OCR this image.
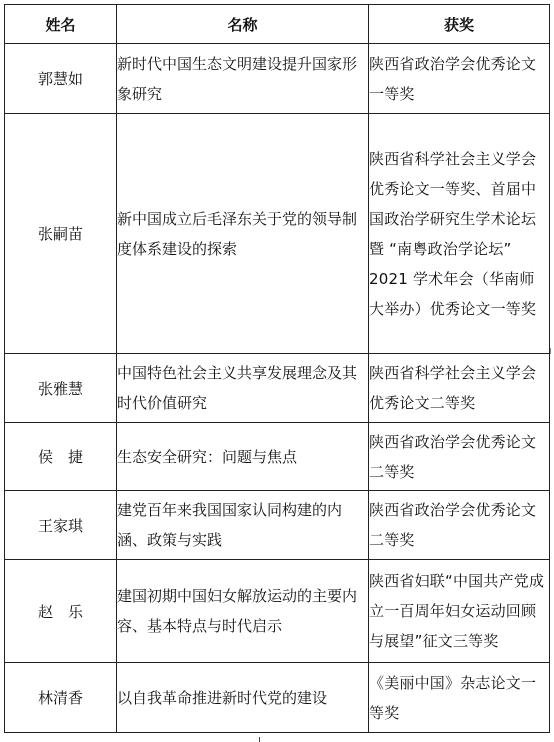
姓名	名称	获奖
郭慧如	新时代中国生态文明建设提升国家形象研究	陕西省政治学会优秀论文一等奖
张嗣苗	新中国成立后毛泽东关于党的领导制度体系建设的探索	陕西省科学社会主义学会优秀论文一等奖、首届中国政治学研究生学术论坛暨 “南粤政治学论坛” 2021 学术年会（华南师大举办）优秀论文一等奖
张雅慧	中国特色社会主义共享发展理念及其时代价值研究	陕西省科学社会主义学会优秀论文二等奖
侯　捷	生态安全研究：问题与焦点	陕西省政治学会优秀论文二等奖
王家琪	建党百年来我国国家认同构建的内涵、政策与实践	陕西省政治学会优秀论文二等奖
赵　乐	建国初期中国妇女解放运动的主要内容、基本特点与时代启示	陕西省妇联“中国共产党成立一百周年妇女运动回顾与展望”征文三等奖
林清香	以自我革命推进新时代党的建设	《美丽中国》杂志论文一等奖
